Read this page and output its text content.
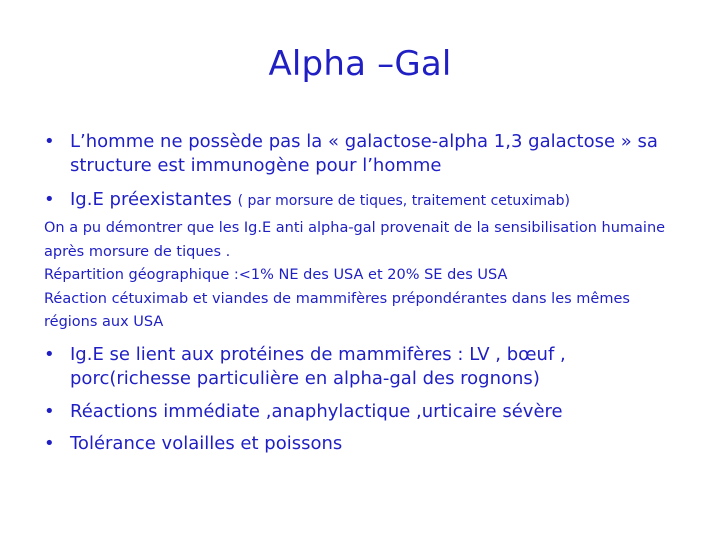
Alpha –Gal
• L’homme ne possède pas la « galactose-alpha 1,3 galactose » sa structure est immunogène pour l’homme
• Ig.E préexistantes ( par morsure de tiques, traitement cetuximab)
On a pu démontrer que les Ig.E anti alpha-gal provenait de la sensibilisation humaine après morsure de tiques .
Répartition géographique :<1% NE des USA et 20% SE des USA
Réaction cétuximab et viandes de mammifères prépondérantes dans les mêmes régions aux USA
• Ig.E se lient aux protéines de mammifères : LV , bœuf , porc(richesse particulière en alpha-gal des rognons)
• Réactions immédiate ,anaphylactique ,urticaire sévère
• Tolérance volailles et poissons
